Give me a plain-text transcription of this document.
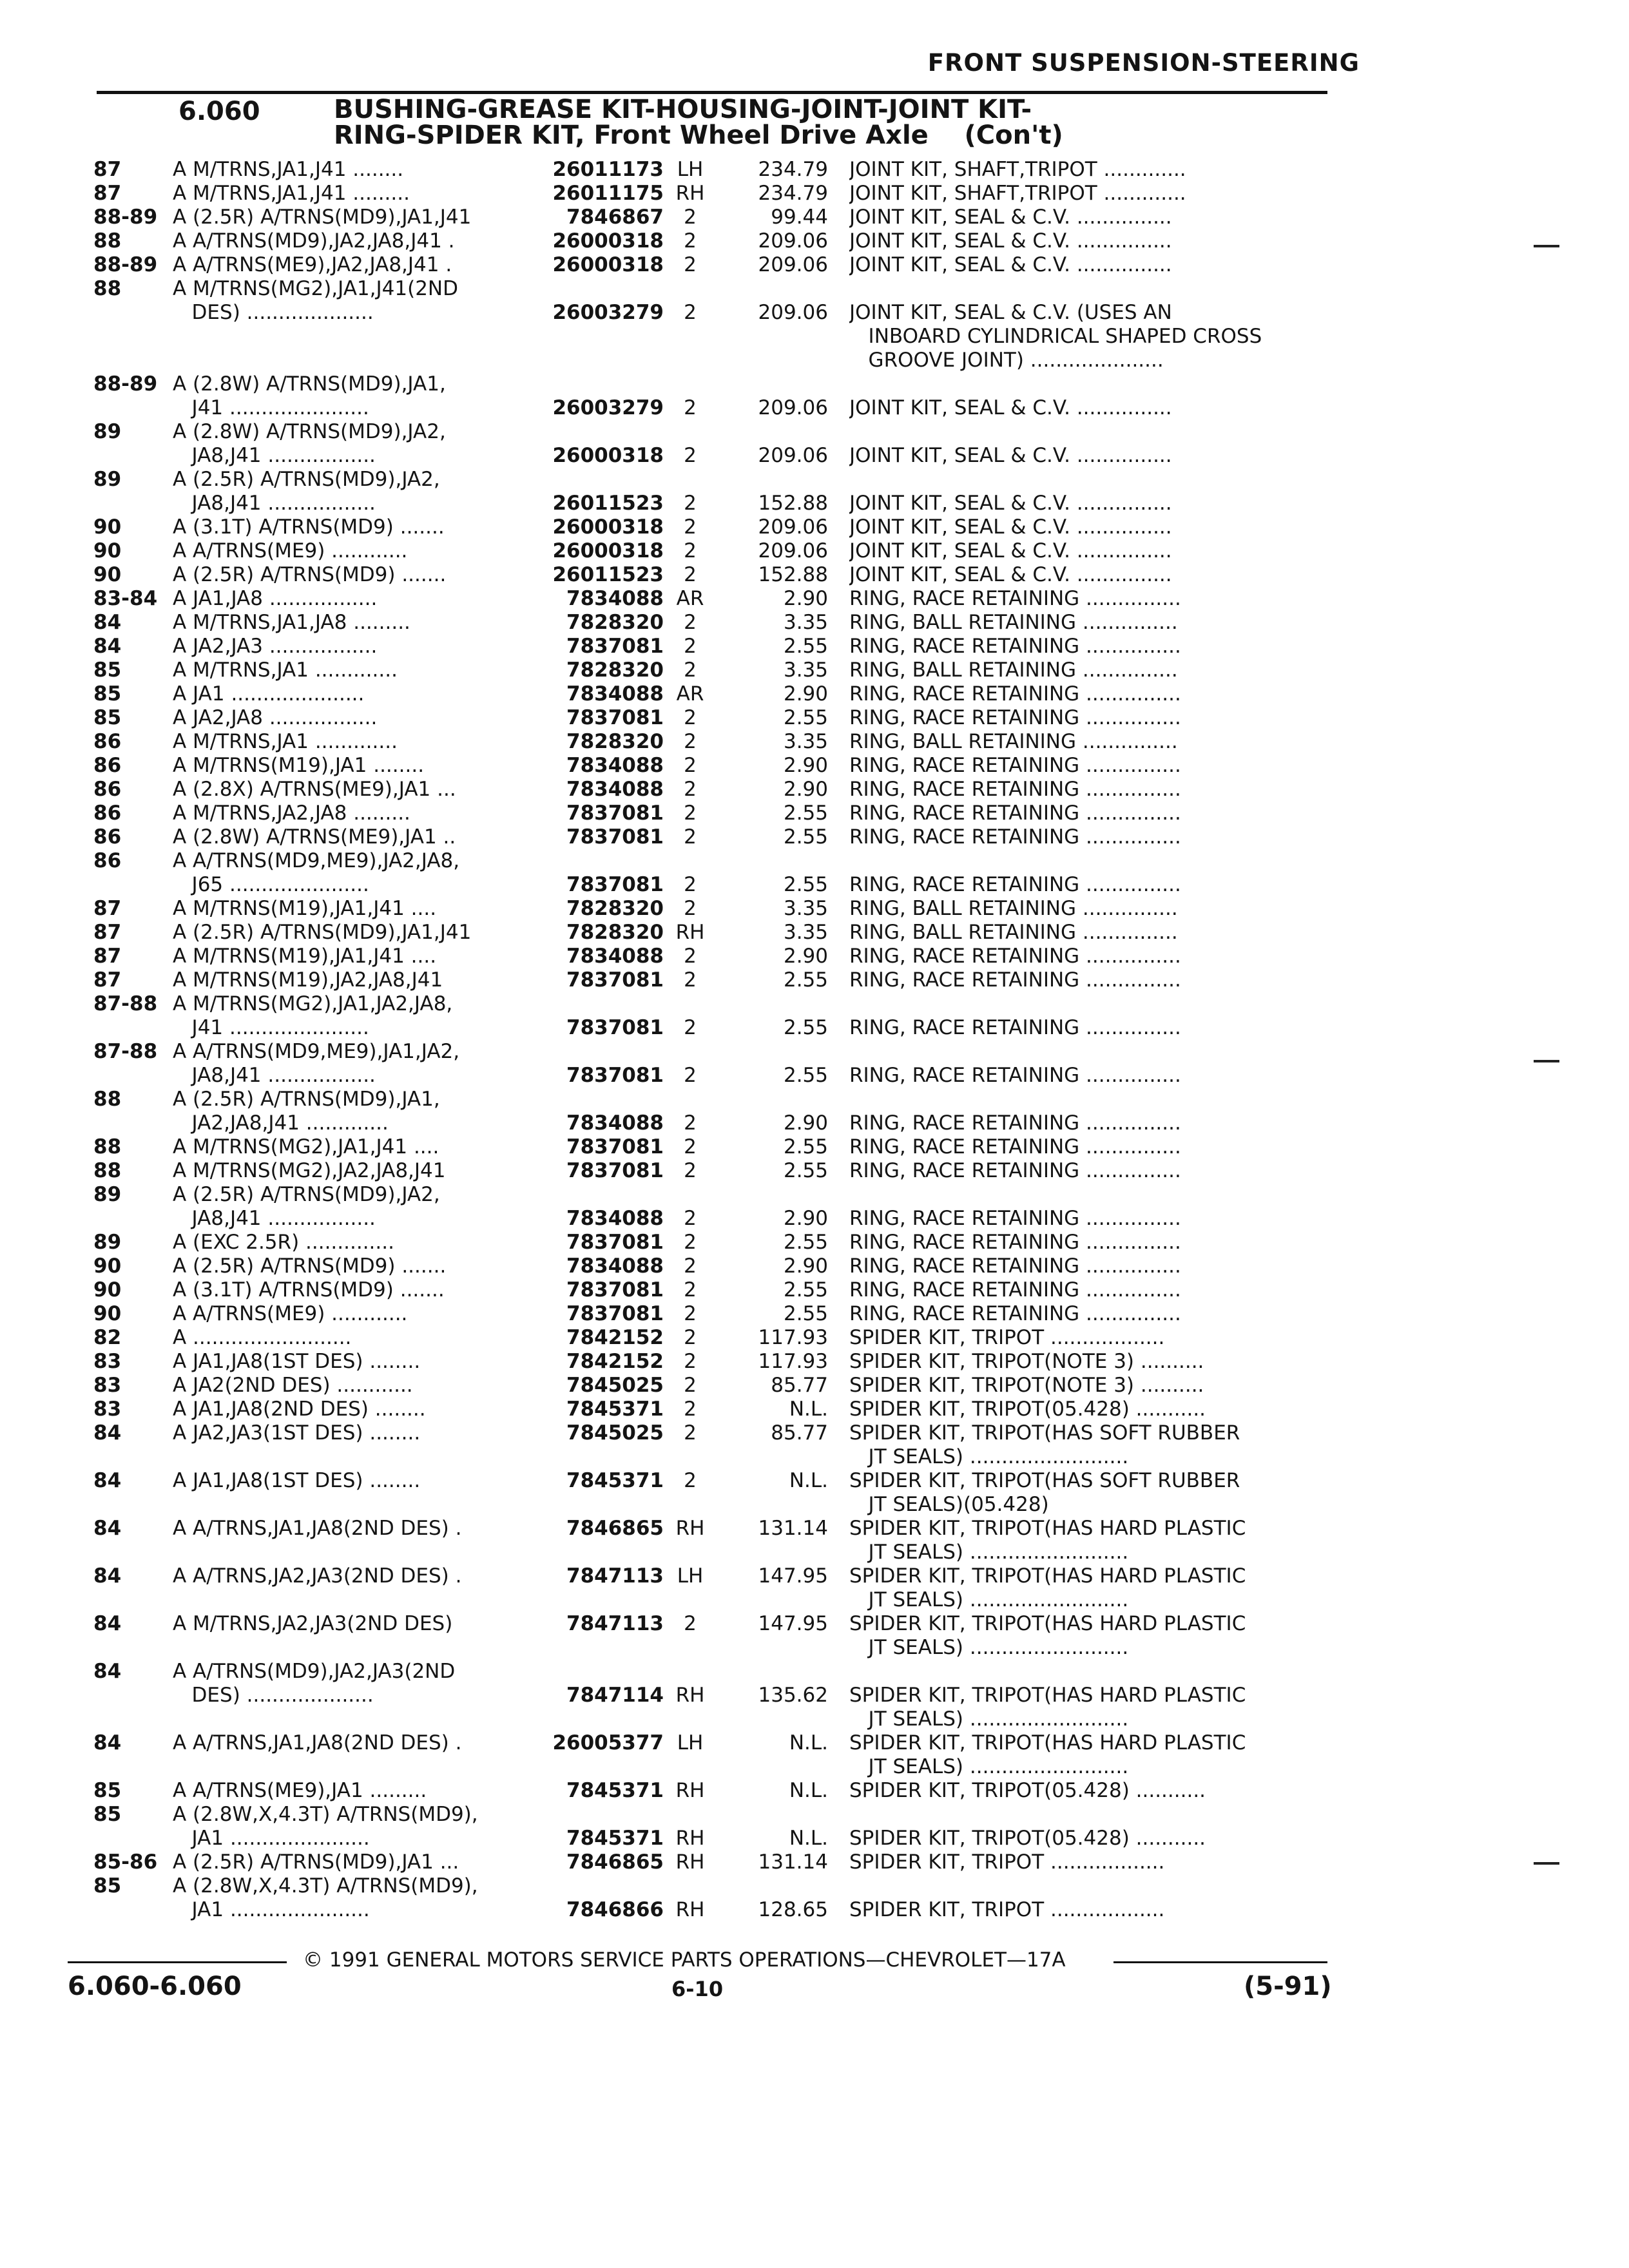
FRONT SUSPENSION-STEERING
6.060	BUSHING-GREASE KIT-HOUSING-JOINT-JOINT KIT-
RING-SPIDER KIT, Front Wheel Drive Axle    (Con't)
87	A M/TRNS,JA1,J41 ........	26011173 LH	234.79 JOINT KIT, SHAFT,TRIPOT .............
87	A M/TRNS,JA1,J41 .........	26011175 RH	234.79 JOINT KIT, SHAFT,TRIPOT .............
88-89 A (2.5R) A/TRNS(MD9),JA1,J41	7846867	2	99.44 JOINT KIT, SEAL & C.V. ...............
88	A A/TRNS(MD9),JA2,JA8,J41 .	26000318	2	209.06 JOINT KIT, SEAL & C.V. ...............
88-89 A A/TRNS(ME9),JA2,JA8,J41 .	26000318	2	209.06 JOINT KIT, SEAL & C.V. ...............
88	A M/TRNS(MG2),JA1,J41(2ND
DES) ....................	26003279	2	209.06 JOINT KIT, SEAL & C.V. (USES AN
INBOARD CYLINDRICAL SHAPED CROSS
GROOVE JOINT) .....................
88-89 A (2.8W) A/TRNS(MD9),JA1,
J41 ......................	26003279	2	209.06 JOINT KIT, SEAL & C.V. ...............
89	A (2.8W) A/TRNS(MD9),JA2,
JA8,J41 .................	26000318	2	209.06 JOINT KIT, SEAL & C.V. ...............
89	A (2.5R) A/TRNS(MD9),JA2,
JA8,J41 .................	26011523	2	152.88 JOINT KIT, SEAL & C.V. ...............
90	A (3.1T) A/TRNS(MD9) .......	26000318	2	209.06 JOINT KIT, SEAL & C.V. ...............
90	A A/TRNS(ME9) ............	26000318	2	209.06 JOINT KIT, SEAL & C.V. ...............
90	A (2.5R) A/TRNS(MD9) .......	26011523	2	152.88 JOINT KIT, SEAL & C.V. ...............
83-84 A JA1,JA8 .................	7834088 AR	2.90 RING, RACE RETAINING ...............
84	A M/TRNS,JA1,JA8 .........	7828320	2	3.35 RING, BALL RETAINING ...............
84	A JA2,JA3 .................	7837081	2	2.55 RING, RACE RETAINING ...............
85	A M/TRNS,JA1 .............	7828320	2	3.35 RING, BALL RETAINING ...............
85	A JA1 .....................	7834088 AR	2.90 RING, RACE RETAINING ...............
85	A JA2,JA8 .................	7837081	2	2.55 RING, RACE RETAINING ...............
86	A M/TRNS,JA1 .............	7828320	2	3.35 RING, BALL RETAINING ...............
86	A M/TRNS(M19),JA1 ........	7834088	2	2.90 RING, RACE RETAINING ...............
86	A (2.8X) A/TRNS(ME9),JA1 ...	7834088	2	2.90 RING, RACE RETAINING ...............
86	A M/TRNS,JA2,JA8 .........	7837081	2	2.55 RING, RACE RETAINING ...............
86	A (2.8W) A/TRNS(ME9),JA1 ..	7837081	2	2.55 RING, RACE RETAINING ...............
86	A A/TRNS(MD9,ME9),JA2,JA8,
J65 ......................	7837081	2	2.55 RING, RACE RETAINING ...............
87	A M/TRNS(M19),JA1,J41 ....	7828320	2	3.35 RING, BALL RETAINING ...............
87	A (2.5R) A/TRNS(MD9),JA1,J41	7828320 RH	3.35 RING, BALL RETAINING ...............
87	A M/TRNS(M19),JA1,J41 ....	7834088	2	2.90 RING, RACE RETAINING ...............
87	A M/TRNS(M19),JA2,JA8,J41	7837081	2	2.55 RING, RACE RETAINING ...............
87-88 A M/TRNS(MG2),JA1,JA2,JA8,
J41 ......................	7837081	2	2.55 RING, RACE RETAINING ...............
87-88 A A/TRNS(MD9,ME9),JA1,JA2,
JA8,J41 .................	7837081	2	2.55 RING, RACE RETAINING ...............
88	A (2.5R) A/TRNS(MD9),JA1,
JA2,JA8,J41 .............	7834088	2	2.90 RING, RACE RETAINING ...............
88	A M/TRNS(MG2),JA1,J41 ....	7837081	2	2.55 RING, RACE RETAINING ...............
88	A M/TRNS(MG2),JA2,JA8,J41	7837081	2	2.55 RING, RACE RETAINING ...............
89	A (2.5R) A/TRNS(MD9),JA2,
JA8,J41 .................	7834088	2	2.90 RING, RACE RETAINING ...............
89	A (EXC 2.5R) ..............	7837081	2	2.55 RING, RACE RETAINING ...............
90	A (2.5R) A/TRNS(MD9) .......	7834088	2	2.90 RING, RACE RETAINING ...............
90	A (3.1T) A/TRNS(MD9) .......	7837081	2	2.55 RING, RACE RETAINING ...............
90	A A/TRNS(ME9) ............	7837081	2	2.55 RING, RACE RETAINING ...............
82	A .........................	7842152	2	117.93 SPIDER KIT, TRIPOT ..................
83	A JA1,JA8(1ST DES) ........	7842152	2	117.93 SPIDER KIT, TRIPOT(NOTE 3) ..........
83	A JA2(2ND DES) ............	7845025	2	85.77 SPIDER KIT, TRIPOT(NOTE 3) ..........
83	A JA1,JA8(2ND DES) ........	7845371	2	N.L. SPIDER KIT, TRIPOT(05.428) ...........
84	A JA2,JA3(1ST DES) ........	7845025	2	85.77 SPIDER KIT, TRIPOT(HAS SOFT RUBBER
JT SEALS) .........................
84	A JA1,JA8(1ST DES) ........	7845371	2	N.L. SPIDER KIT, TRIPOT(HAS SOFT RUBBER
JT SEALS)(05.428)
84	A A/TRNS,JA1,JA8(2ND DES) .	7846865 RH	131.14 SPIDER KIT, TRIPOT(HAS HARD PLASTIC
JT SEALS) .........................
84	A A/TRNS,JA2,JA3(2ND DES) .	7847113 LH	147.95 SPIDER KIT, TRIPOT(HAS HARD PLASTIC
JT SEALS) .........................
84	A M/TRNS,JA2,JA3(2ND DES)	7847113	2	147.95 SPIDER KIT, TRIPOT(HAS HARD PLASTIC
JT SEALS) .........................
84	A A/TRNS(MD9),JA2,JA3(2ND
DES) ....................	7847114 RH	135.62 SPIDER KIT, TRIPOT(HAS HARD PLASTIC
JT SEALS) .........................
84	A A/TRNS,JA1,JA8(2ND DES) .	26005377 LH	N.L. SPIDER KIT, TRIPOT(HAS HARD PLASTIC
JT SEALS) .........................
85	A A/TRNS(ME9),JA1 .........	7845371 RH	N.L. SPIDER KIT, TRIPOT(05.428) ...........
85	A (2.8W,X,4.3T) A/TRNS(MD9),
JA1 ......................	7845371 RH	N.L. SPIDER KIT, TRIPOT(05.428) ...........
85-86 A (2.5R) A/TRNS(MD9),JA1 ...	7846865 RH	131.14 SPIDER KIT, TRIPOT ..................
85	A (2.8W,X,4.3T) A/TRNS(MD9),
JA1 ......................	7846866 RH	128.65 SPIDER KIT, TRIPOT ..................
© 1991 GENERAL MOTORS SERVICE PARTS OPERATIONS—CHEVROLET—17A
6.060-6.060	6-10	(5-91)
